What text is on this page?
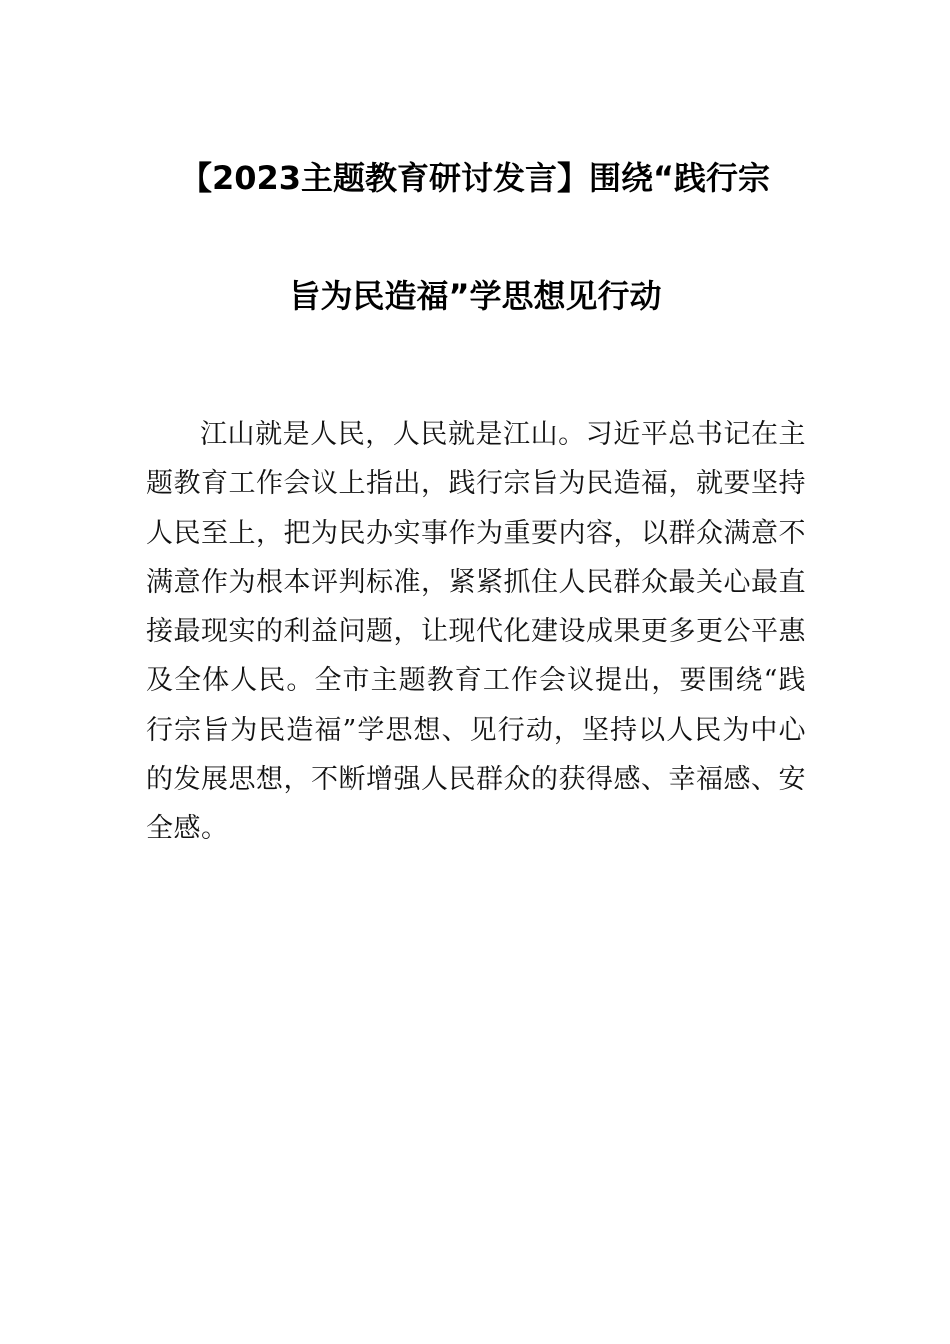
【2023主题教育研讨发言】围绕“践行宗
旨为民造福”学思想见行动

江山就是人民，人民就是江山。习近平总书记在主题教育工作会议上指出，践行宗旨为民造福，就要坚持人民至上，把为民办实事作为重要内容，以群众满意不满意作为根本评判标准，紧紧抓住人民群众最关心最直接最现实的利益问题，让现代化建设成果更多更公平惠及全体人民。全市主题教育工作会议提出，要围绕“践行宗旨为民造福”学思想、见行动，坚持以人民为中心的发展思想，不断增强人民群众的获得感、幸福感、安全感。
